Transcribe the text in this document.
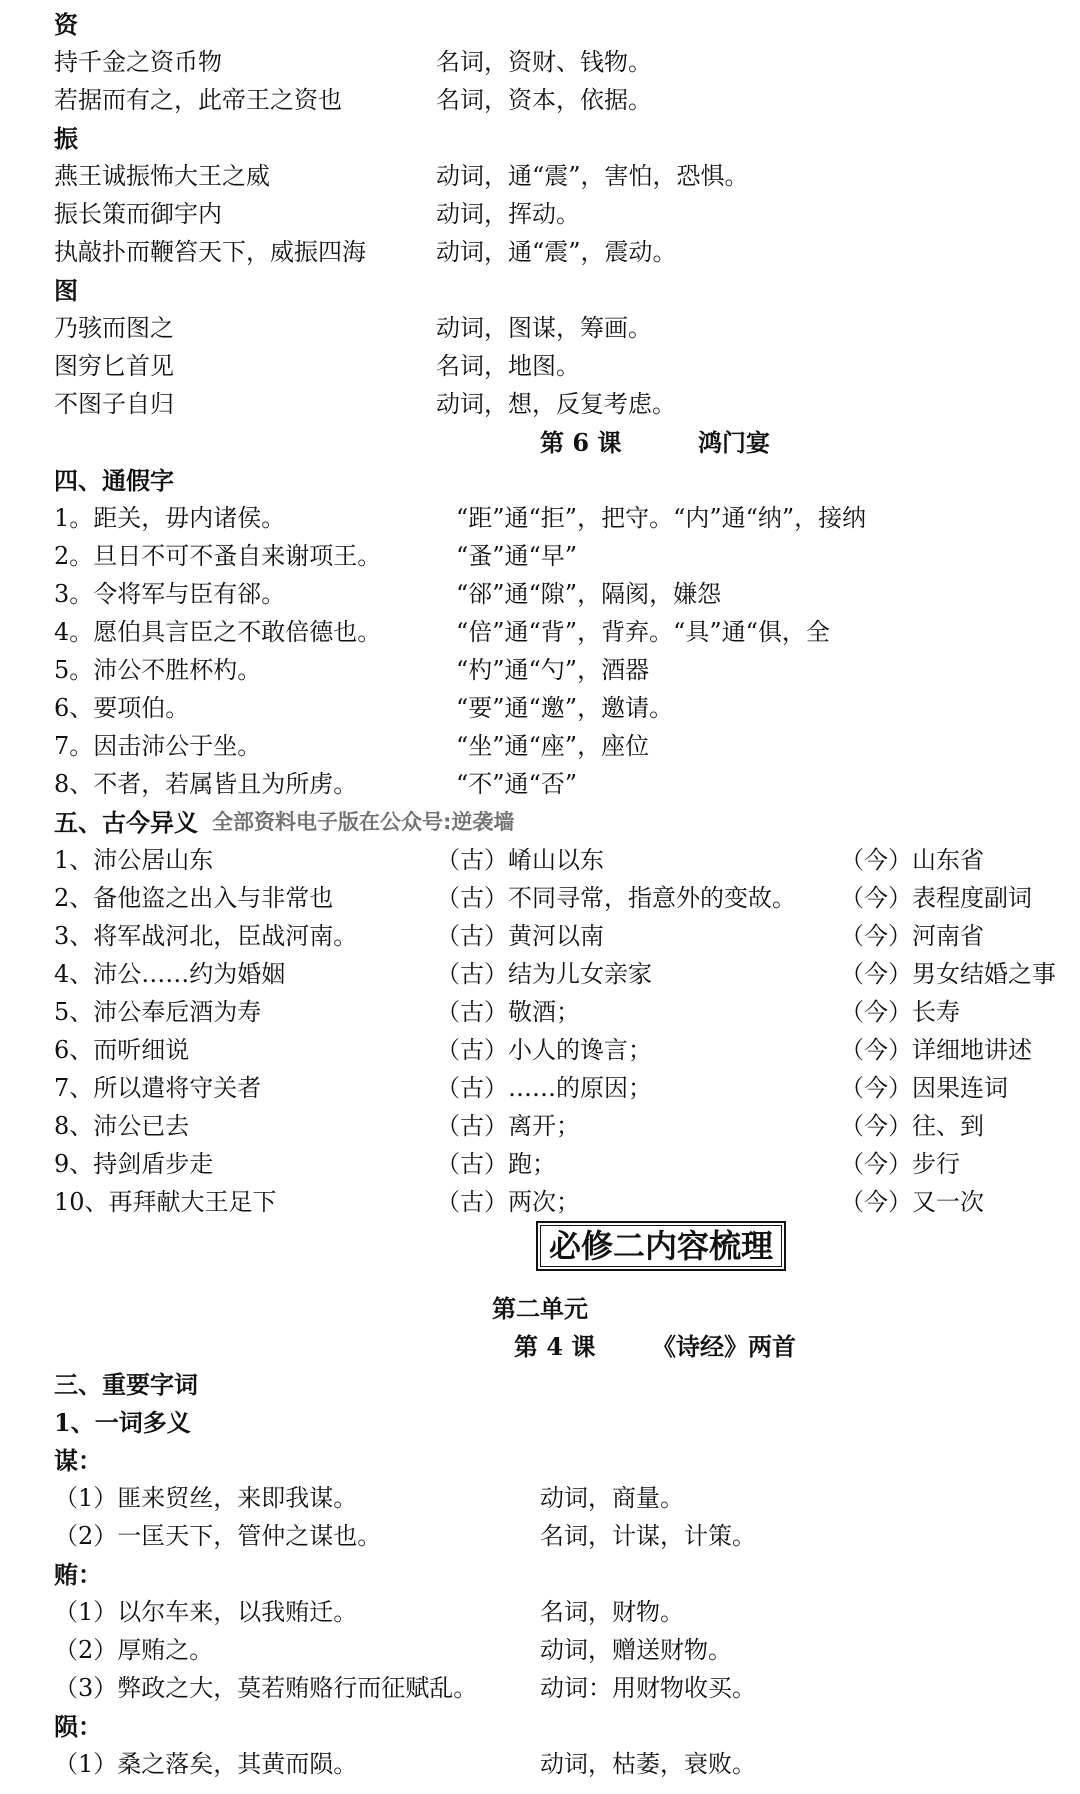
资
持千金之资币物	名词，资财、钱物。
若据而有之，此帝王之资也	名词，资本，依据。
振
燕王诚振怖大王之威	动词，通“震”，害怕，恐惧。
振长策而御宇内	动词，挥动。
执敲扑而鞭笞天下，威振四海	动词，通“震”，震动。
图
乃骇而图之	动词，图谋，筹画。
图穷匕首见	名词，地图。
不图子自归	动词，想，反复考虑。
第 6 课	鸿门宴
四、通假字
1。距关，毋内诸侯。	“距”通“拒”，把守。“内”通“纳”，接纳
2。旦日不可不蚤自来谢项王。	“蚤”通“早”
3。令将军与臣有郤。	“郤”通“隙”，隔阂，嫌怨
4。愿伯具言臣之不敢倍德也。	“倍”通“背”，背弃。“具”通“俱，全
5。沛公不胜杯杓。	“杓”通“勺”，酒器
6、要项伯。	“要”通“邀”，邀请。
7。因击沛公于坐。	“坐”通“座”，座位
8、不者，若属皆且为所虏。	“不”通“否”
五、古今异义 全部资料电子版在公众号:逆袭墙
1、沛公居山东	（古）崤山以东	（今）山东省
2、备他盗之出入与非常也	（古）不同寻常，指意外的变故。 （今）表程度副词
3、将军战河北，臣战河南。	（古）黄河以南	（今）河南省
4、沛公……约为婚姻	（古）结为儿女亲家	（今）男女结婚之事
5、沛公奉卮酒为寿	（古）敬酒；	（今）长寿
6、而听细说	（古）小人的谗言；	（今）详细地讲述
7、所以遣将守关者	（古）……的原因；	（今）因果连词
8、沛公已去	（古）离开；	（今）往、到
9、持剑盾步走	（古）跑；	（今）步行
10、再拜献大王足下	（古）两次；	（今）又一次
必修二内容梳理
第二单元
第 4 课 《诗经》两首
三、重要字词
1、一词多义
谋：
（1）匪来贸丝，来即我谋。	动词，商量。
（2）一匡天下，管仲之谋也。	名词，计谋，计策。
贿：
（1）以尔车来，以我贿迁。	名词，财物。
（2）厚贿之。	动词，赠送财物。
（3）弊政之大，莫若贿赂行而征赋乱。	动词：用财物收买。
陨：
（1）桑之落矣，其黄而陨。	动词，枯萎，衰败。
